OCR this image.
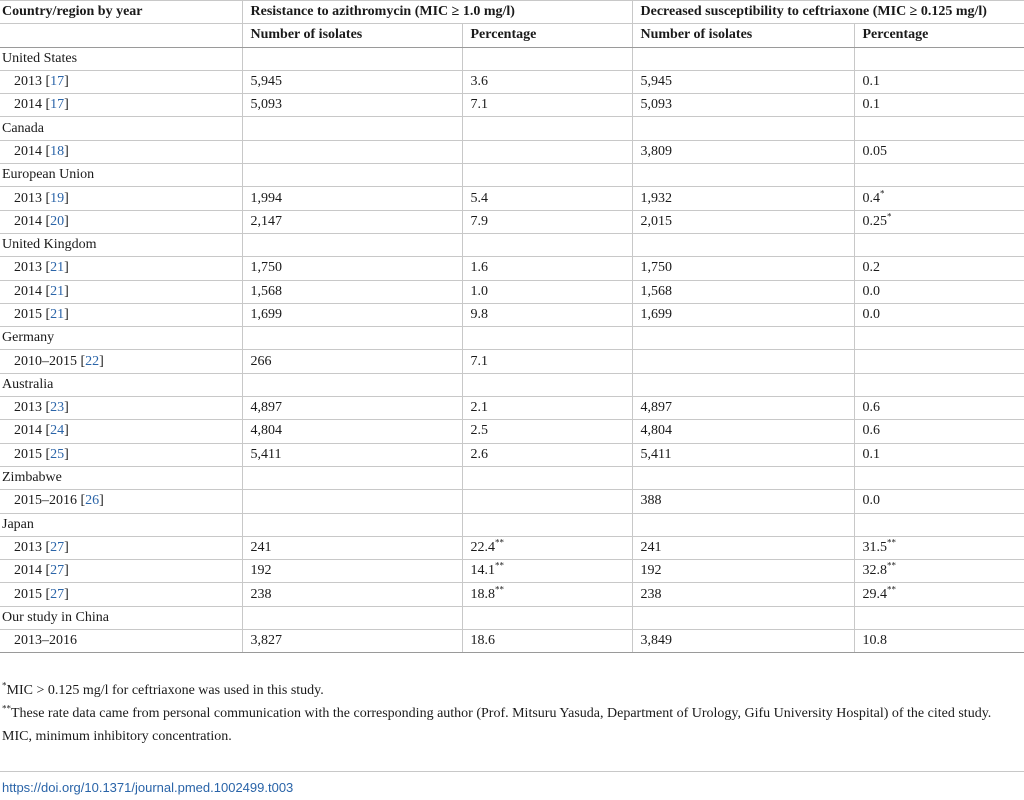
Country/region by year	Resistance to azithromycin (MIC ≥ 1.0 mg/l)		Decreased susceptibility to ceftriaxone (MIC ≥ 0.125 mg/l)	
	Number of isolates	Percentage	Number of isolates	Percentage
United States				
2013 [17]	5,945	3.6	5,945	0.1
2014 [17]	5,093	7.1	5,093	0.1
Canada				
2014 [18]			3,809	0.05
European Union				
2013 [19]	1,994	5.4	1,932	0.4*
2014 [20]	2,147	7.9	2,015	0.25*
United Kingdom				
2013 [21]	1,750	1.6	1,750	0.2
2014 [21]	1,568	1.0	1,568	0.0
2015 [21]	1,699	9.8	1,699	0.0
Germany				
2010–2015 [22]	266	7.1		
Australia				
2013 [23]	4,897	2.1	4,897	0.6
2014 [24]	4,804	2.5	4,804	0.6
2015 [25]	5,411	2.6	5,411	0.1
Zimbabwe				
2015–2016 [26]			388	0.0
Japan				
2013 [27]	241	22.4**	241	31.5**
2014 [27]	192	14.1**	192	32.8**
2015 [27]	238	18.8**	238	29.4**
Our study in China				
2013–2016	3,827	18.6	3,849	10.8

*MIC > 0.125 mg/l for ceftriaxone was used in this study.

**These rate data came from personal communication with the corresponding author (Prof. Mitsuru Yasuda, Department of Urology, Gifu University Hospital) of the cited study.

MIC, minimum inhibitory concentration.

https://doi.org/10.1371/journal.pmed.1002499.t003
